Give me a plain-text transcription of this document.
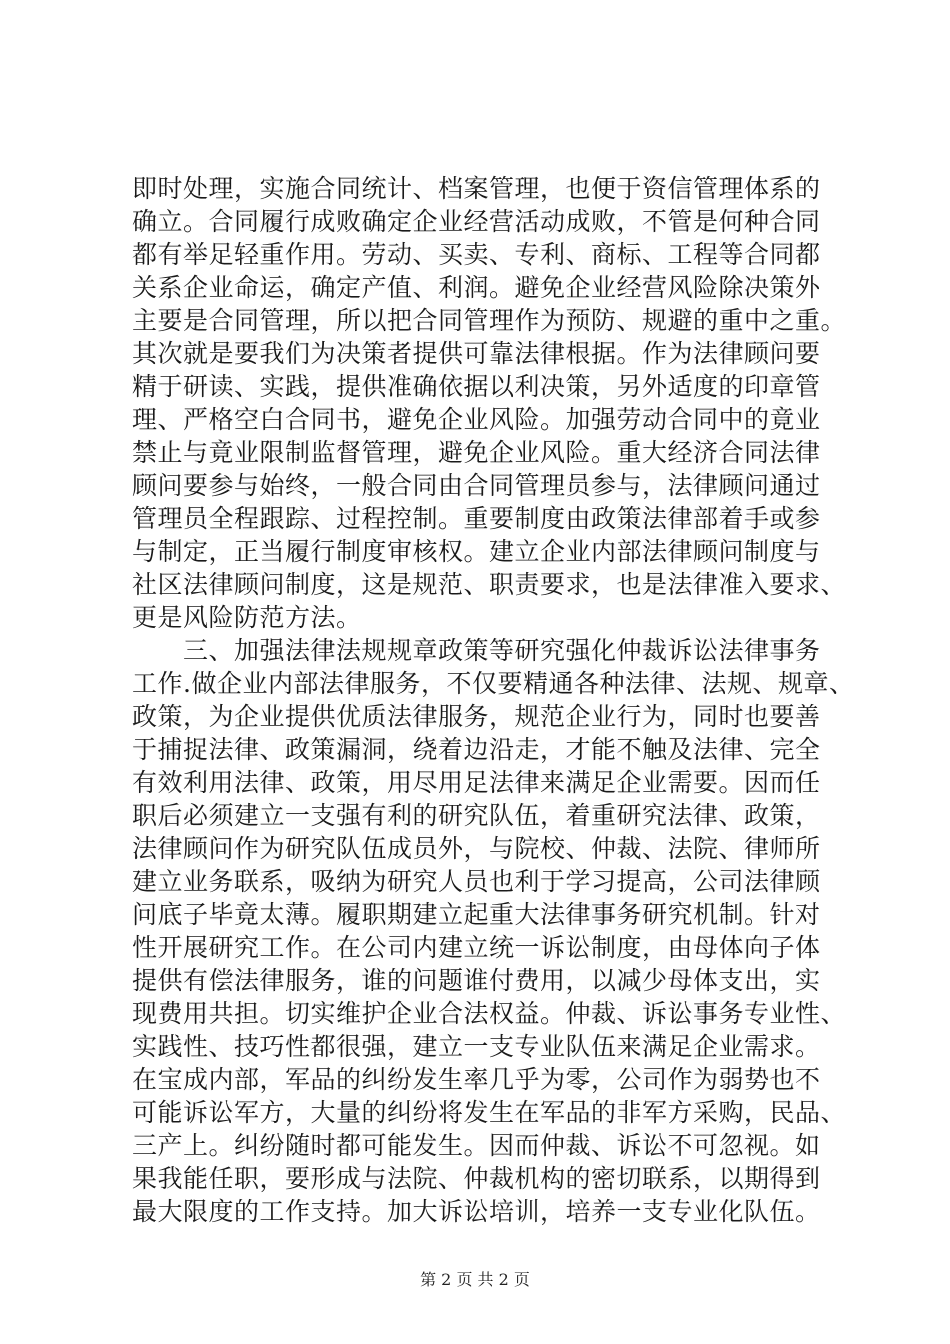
即时处理，实施合同统计、档案管理，也便于资信管理体系的
确立。合同履行成败确定企业经营活动成败，不管是何种合同
都有举足轻重作用。劳动、买卖、专利、商标、工程等合同都
关系企业命运，确定产值、利润。避免企业经营风险除决策外
主要是合同管理，所以把合同管理作为预防、规避的重中之重。
其次就是要我们为决策者提供可靠法律根据。作为法律顾问要
精于研读、实践，提供准确依据以利决策，另外适度的印章管
理、严格空白合同书，避免企业风险。加强劳动合同中的竟业
禁止与竟业限制监督管理，避免企业风险。重大经济合同法律
顾问要参与始终，一般合同由合同管理员参与，法律顾问通过
管理员全程跟踪、过程控制。重要制度由政策法律部着手或参
与制定，正当履行制度审核权。建立企业内部法律顾问制度与
社区法律顾问制度，这是规范、职责要求，也是法律准入要求、
更是风险防范方法。
　　三、加强法律法规规章政策等研究强化仲裁诉讼法律事务
工作.做企业内部法律服务，不仅要精通各种法律、法规、规章、
政策，为企业提供优质法律服务，规范企业行为，同时也要善
于捕捉法律、政策漏洞，绕着边沿走，才能不触及法律、完全
有效利用法律、政策，用尽用足法律来满足企业需要。因而任
职后必须建立一支强有利的研究队伍，着重研究法律、政策，
法律顾问作为研究队伍成员外，与院校、仲裁、法院、律师所
建立业务联系，吸纳为研究人员也利于学习提高，公司法律顾
问底子毕竟太薄。履职期建立起重大法律事务研究机制。针对
性开展研究工作。在公司内建立统一诉讼制度，由母体向子体
提供有偿法律服务，谁的问题谁付费用，以减少母体支出，实
现费用共担。切实维护企业合法权益。仲裁、诉讼事务专业性、
实践性、技巧性都很强，建立一支专业队伍来满足企业需求。
在宝成内部，军品的纠纷发生率几乎为零，公司作为弱势也不
可能诉讼军方，大量的纠纷将发生在军品的非军方采购，民品、
三产上。纠纷随时都可能发生。因而仲裁、诉讼不可忽视。如
果我能任职，要形成与法院、仲裁机构的密切联系，以期得到
最大限度的工作支持。加大诉讼培训，培养一支专业化队伍。
第 2 页 共 2 页
